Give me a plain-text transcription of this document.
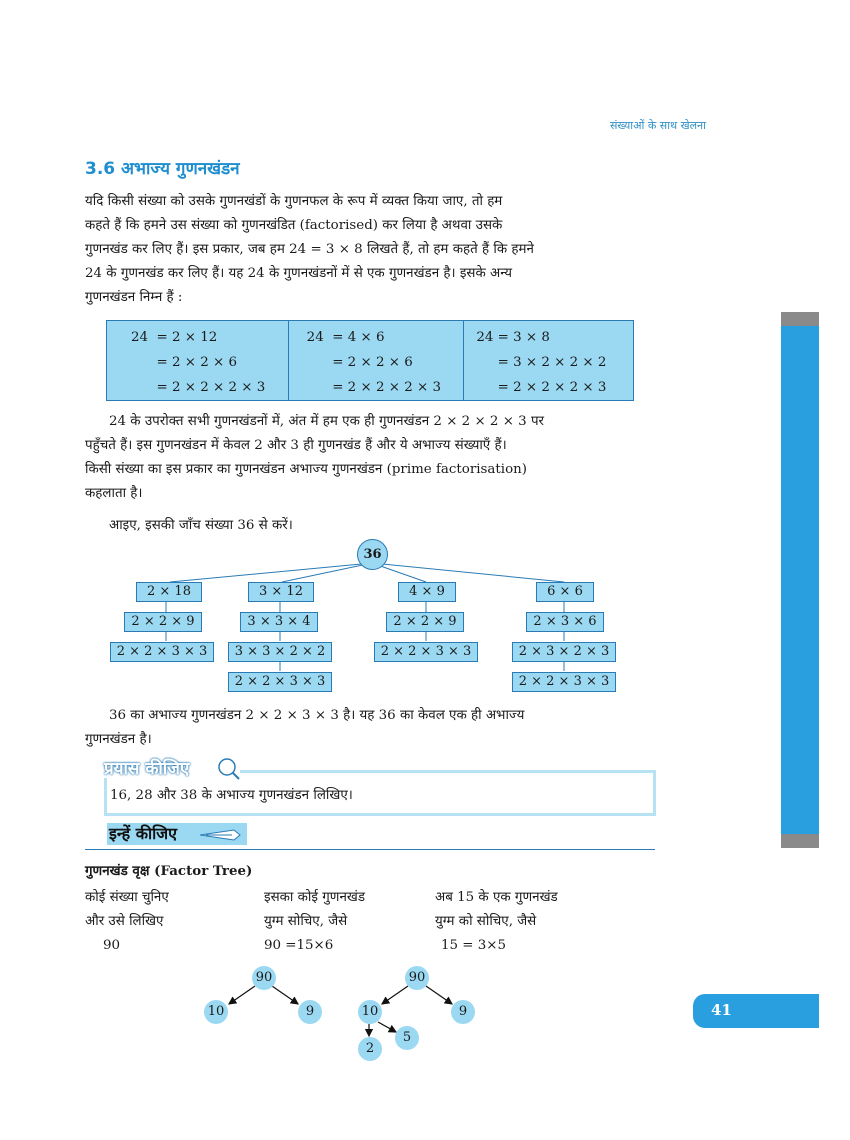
संख्याओं के साथ खेलना
3.6 अभाज्य गुणनखंडन
यदि किसी संख्या को उसके गुणनखंडों के गुणनफल के रूप में व्यक्त किया जाए, तो हम
कहते हैं कि हमने उस संख्या को गुणनखंडित (factorised) कर लिया है अथवा उसके
गुणनखंड कर लिए हैं। इस प्रकार, जब हम 24 = 3 × 8 लिखते हैं, तो हम कहते हैं कि हमने
24 के गुणनखंड कर लिए हैं। यह 24 के गुणनखंडनों में से एक गुणनखंडन है। इसके अन्य
गुणनखंडन निम्न हैं :
24  = 2 × 12
= 2 × 2 × 6
= 2 × 2 × 2 × 3
24  = 4 × 6
= 2 × 2 × 6
= 2 × 2 × 2 × 3
24 = 3 × 8
= 3 × 2 × 2 × 2
= 2 × 2 × 2 × 3
24 के उपरोक्त सभी गुणनखंडनों में, अंत में हम एक ही गुणनखंडन 2 × 2 × 2 × 3 पर
पहुँचते हैं। इस गुणनखंडन में केवल 2 और 3 ही गुणनखंड हैं और ये अभाज्य संख्याएँ हैं।
किसी संख्या का इस प्रकार का गुणनखंडन अभाज्य गुणनखंडन (prime factorisation)
कहलाता है।
आइए, इसकी जाँच संख्या 36 से करें।
36
2 × 18
2 × 2 × 9
2 × 2 × 3 × 3
3 × 12
3 × 3 × 4
3 × 3 × 2 × 2
2 × 2 × 3 × 3
4 × 9
2 × 2 × 9
2 × 2 × 3 × 3
6 × 6
2 × 3 × 6
2 × 3 × 2 × 3
2 × 2 × 3 × 3
36 का अभाज्य गुणनखंडन 2 × 2 × 3 × 3 है। यह 36 का केवल एक ही अभाज्य
गुणनखंडन है।
प्रयास कीजिए
16, 28 और 38 के अभाज्य गुणनखंडन लिखिए।
इन्हें कीजिए
गुणनखंड वृक्ष (Factor Tree)
कोई संख्या चुनिए
और उसे लिखिए
90
इसका कोई गुणनखंड
युग्म सोचिए, जैसे
90 =15×6
अब 15 के एक गुणनखंड
युग्म को सोचिए, जैसे
15 = 3×5
90
10	9
90
10	9
2
5
41
